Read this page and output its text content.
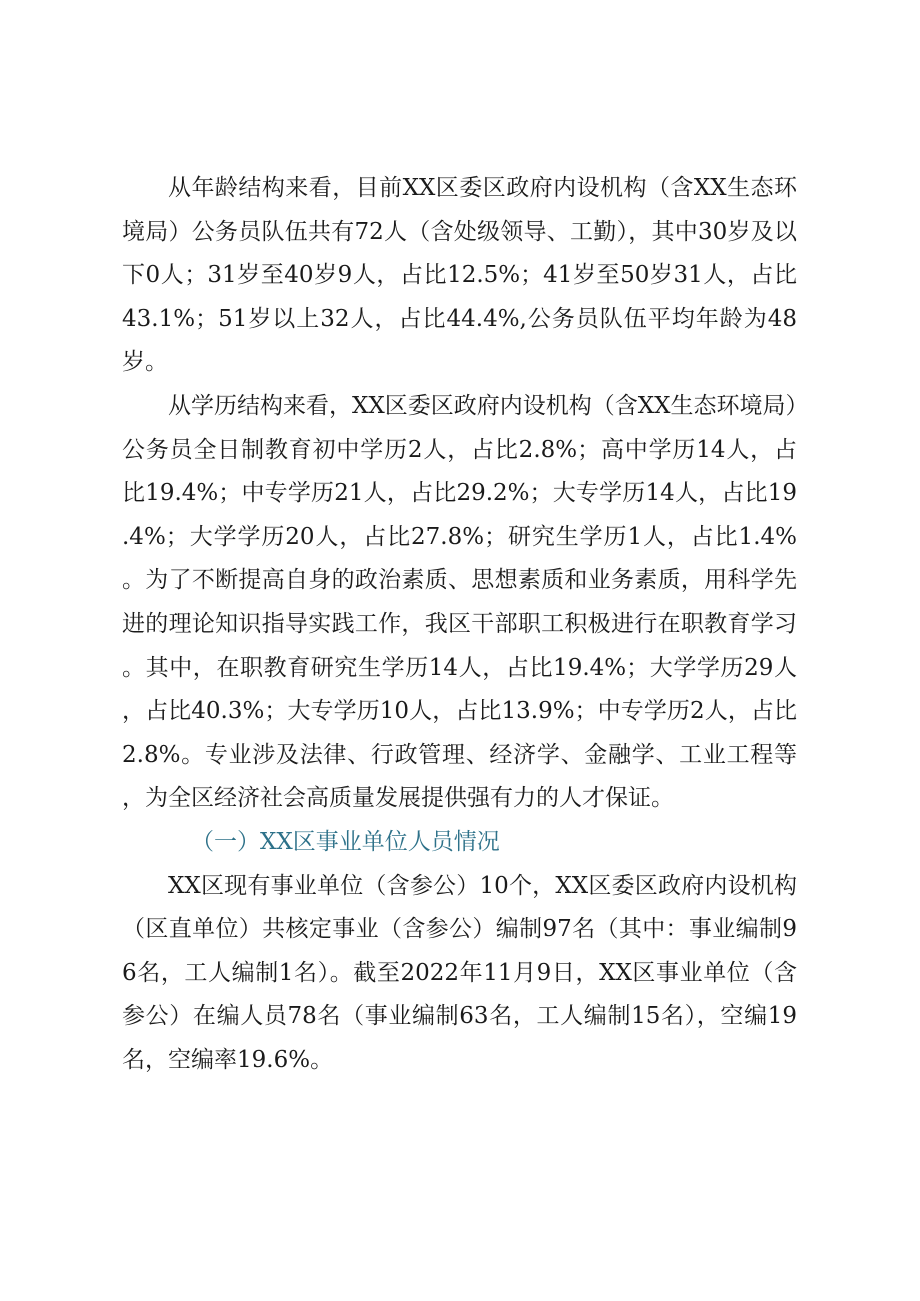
从年龄结构来看，目前XX区委区政府内设机构（含XX生态环境局）公务员队伍共有72人（含处级领导、工勤），其中30岁及以下0人；31岁至40岁9人，占比12.5%；41岁至50岁31人，占比43.1%；51岁以上32人，占比44.4%,公务员队伍平均年龄为48岁。

从学历结构来看，XX区委区政府内设机构（含XX生态环境局）公务员全日制教育初中学历2人，占比2.8%；高中学历14人，占比19.4%；中专学历21人，占比29.2%；大专学历14人，占比19.4%；大学学历20人，占比27.8%；研究生学历1人，占比1.4%。为了不断提高自身的政治素质、思想素质和业务素质，用科学先进的理论知识指导实践工作，我区干部职工积极进行在职教育学习。其中，在职教育研究生学历14人，占比19.4%；大学学历29人，占比40.3%；大专学历10人，占比13.9%；中专学历2人，占比2.8%。专业涉及法律、行政管理、经济学、金融学、工业工程等，为全区经济社会高质量发展提供强有力的人才保证。

（一）XX区事业单位人员情况

XX区现有事业单位（含参公）10个，XX区委区政府内设机构（区直单位）共核定事业（含参公）编制97名（其中：事业编制96名，工人编制1名）。截至2022年11月9日，XX区事业单位（含参公）在编人员78名（事业编制63名，工人编制15名），空编19名，空编率19.6%。
